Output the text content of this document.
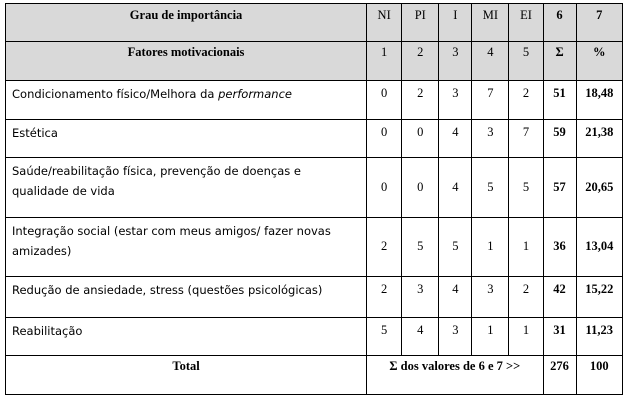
Grau de importância	NI	PI	I	MI	EI	6	7
Fatores motivacionais	1	2	3	4	5	Σ	%
Condicionamento físico/Melhora da performance	0	2	3	7	2	51	18,48
Estética	0	0	4	3	7	59	21,38
Saúde/reabilitação física, prevenção de doenças e qualidade de vida	0	0	4	5	5	57	20,65
Integração social (estar com meus amigos/ fazer novas amizades)	2	5	5	1	1	36	13,04
Redução de ansiedade, stress (questões psicológicas)	2	3	4	3	2	42	15,22
Reabilitação	5	4	3	1	1	31	11,23
Total	Σ dos valores de 6 e 7 >>					276	100
